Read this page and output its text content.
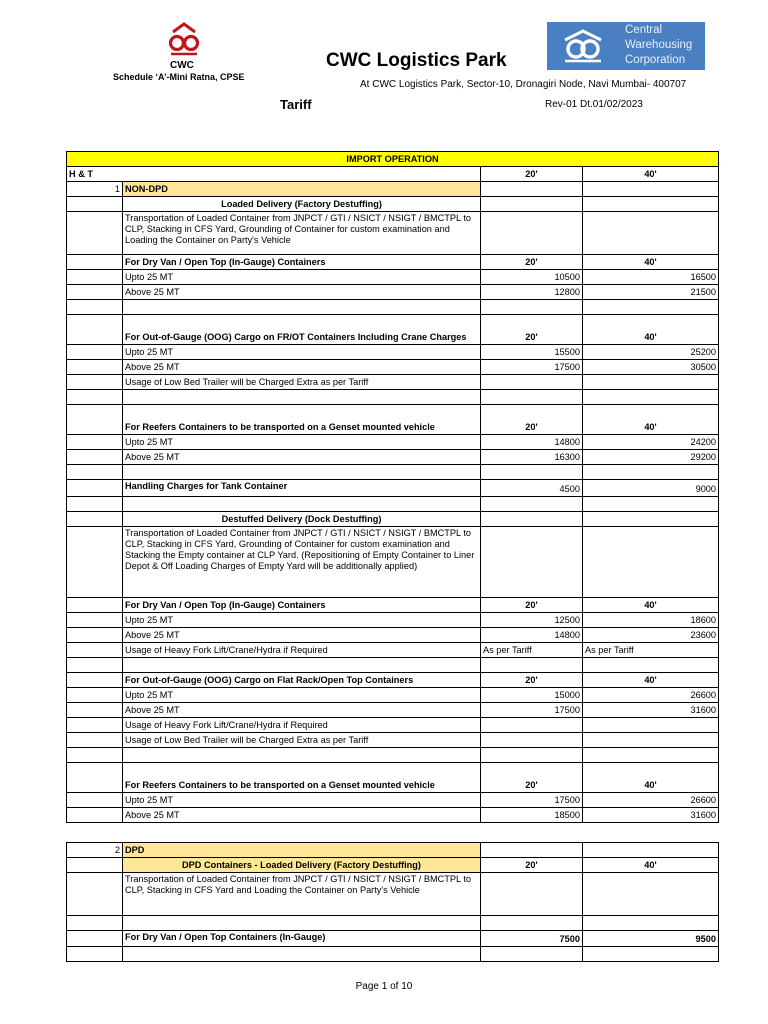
CWC
Schedule ‘A’-Mini Ratna, CPSE
CWC Logistics Park
At CWC Logistics Park, Sector-10, Dronagiri Node, Navi Mumbai- 400707
Tariff	Rev-01 Dt.01/02/2023
Central
Warehousing
Corporation
IMPORT OPERATION			
H & T		20'	40'
1	NON-DPD		
	Loaded Delivery (Factory Destuffing)		
	Transportation of Loaded Container from JNPCT / GTI / NSICT / NSIGT / BMCTPL to CLP, Stacking in CFS Yard, Grounding of Container for custom examination and Loading the Container on Party's Vehicle		
	For Dry Van / Open Top (In-Gauge) Containers	20'	40'
	Upto 25 MT	10500	16500
	Above 25 MT	12800	21500

	For Out-of-Gauge (OOG) Cargo on FR/OT Containers Including Crane Charges	20'	40'
	Upto 25 MT	15500	25200
	Above 25 MT	17500	30500
	Usage of Low Bed Trailer will be Charged Extra as per Tariff		

	For Reefers Containers to be transported on a Genset mounted vehicle	20'	40'
	Upto 25 MT	14800	24200
	Above 25 MT	16300	29200

	Handling Charges for Tank Container	4500	9000

	Destuffed Delivery (Dock Destuffing)		
	Transportation of Loaded Container from JNPCT / GTI / NSICT / NSIGT / BMCTPL to CLP, Stacking in CFS Yard, Grounding of Container for custom examination and Stacking the Empty container at CLP Yard. (Repositioning of Empty Container to Liner Depot & Off Loading Charges of Empty Yard will be additionally applied)		
	For Dry Van / Open Top (In-Gauge) Containers	20'	40'
	Upto 25 MT	12500	18600
	Above 25 MT	14800	23600
	Usage of Heavy Fork Lift/Crane/Hydra if Required	As per Tariff	As per Tariff

	For Out-of-Gauge (OOG) Cargo on Flat Rack/Open Top Containers	20'	40'
	Upto 25 MT	15000	26600
	Above 25 MT	17500	31600
	Usage of Heavy Fork Lift/Crane/Hydra if Required		
	Usage of Low Bed Trailer will be Charged Extra as per Tariff		

	For Reefers Containers to be transported on a Genset mounted vehicle	20'	40'
	Upto 25 MT	17500	26600
	Above 25 MT	18500	31600
2	DPD		
	DPD Containers - Loaded Delivery (Factory Destuffing)	20'	40'
	Transportation of Loaded Container from JNPCT / GTI / NSICT / NSIGT / BMCTPL to CLP, Stacking in CFS Yard and Loading the Container on Party's Vehicle		

	For Dry Van / Open Top Containers (In-Gauge)	7500	9500

Page 1 of 10
